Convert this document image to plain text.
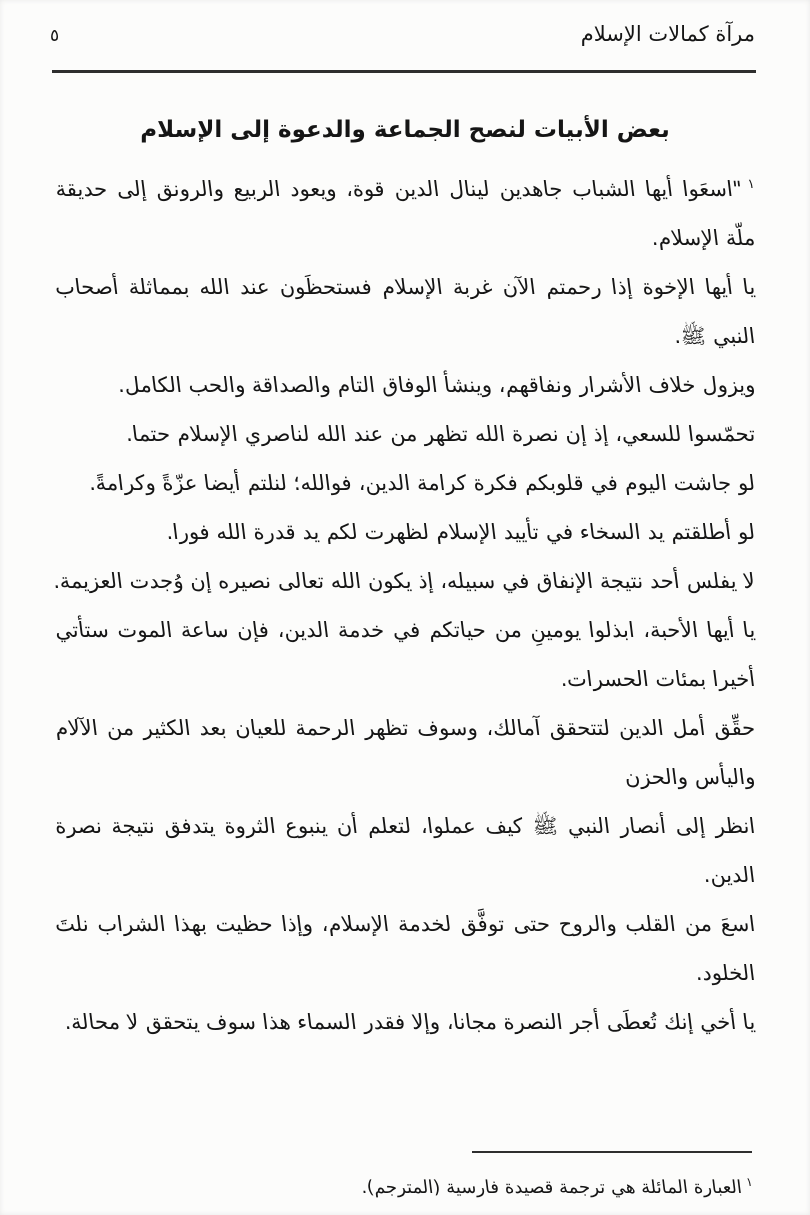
مرآة كمالات الإسلام
٥
بعض الأبيات لنصح الجماعة والدعوة إلى الإسلام
$^١$"اسعَوا أيها الشباب جاهدين لينال الدين قوة، ويعود الربيع والرونق إلى حديقة
ملّة الإسلام.
يا أيها الإخوة إذا رحمتم الآن غربة الإسلام فستحظَون عند الله بمماثلة أصحاب
النبي ﷺ.
ويزول خلاف الأشرار ونفاقهم، وينشأ الوفاق التام والصداقة والحب الكامل.
تحمّسوا للسعي، إذ إن نصرة الله تظهر من عند الله لناصري الإسلام حتما.
لو جاشت اليوم في قلوبكم فكرة كرامة الدين، فوالله؛ لنلتم أيضا عزّةً وكرامةً.
لو أطلقتم يد السخاء في تأييد الإسلام لظهرت لكم يد قدرة الله فورا.
لا يفلس أحد نتيجة الإنفاق في سبيله، إذ يكون الله تعالى نصيره إن وُجدت العزيمة.
يا أيها الأحبة، ابذلوا يومينِ من حياتكم في خدمة الدين، فإن ساعة الموت ستأتي
أخيرا بمئات الحسرات.
حقِّق أمل الدين لتتحقق آمالك، وسوف تظهر الرحمة للعيان بعد الكثير من الآلام
واليأس والحزن
انظر إلى أنصار النبي ﷺ كيف عملوا، لتعلم أن ينبوع الثروة يتدفق نتيجة نصرة
الدين.
اسعَ من القلب والروح حتى توفَّق لخدمة الإسلام، وإذا حظيت بهذا الشراب نلتَ
الخلود.
يا أخي إنك تُعطَى أجر النصرة مجانا، وإلا فقدر السماء هذا سوف يتحقق لا محالة.
$^١$العبارة المائلة هي ترجمة قصيدة فارسية (المترجم).
